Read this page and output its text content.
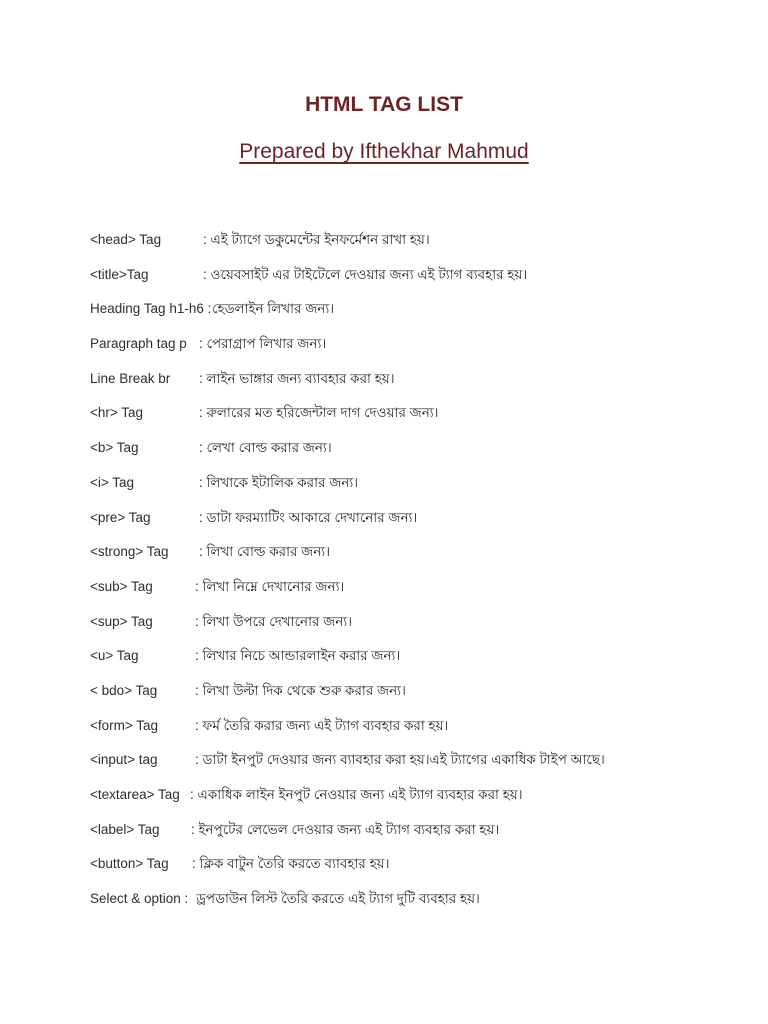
HTML TAG LIST
Prepared by Ifthekhar Mahmud
<head> Tag	: এই ট্যাগে ডকুমেন্টের ইনফর্মেশন রাখা হয়।
<title>Tag	: ওয়েবসাইট এর টাইটেলে দেওয়ার জন্য এই ট্যাগ ব্যবহার হয়।
Heading Tag h1-h6 : হেডলাইন লিখার জন্য।
Paragraph tag p : পেরাগ্রাপ লিখার জন্য।
Line Break br : লাইন ভাঙ্গার জন্য ব্যাবহার করা হয়।
<hr> Tag	: রুলারের মত হরিজেন্টাল দাগ দেওয়ার জন্য।
<b> Tag	: লেখা বোল্ড করার জন্য।
<i> Tag	: লিখাকে ইটালিক করার জন্য।
<pre> Tag	: ডাটা ফরম্যাটিং আকারে দেখানোর জন্য।
<strong> Tag : লিখা বোল্ড করার জন্য।
<sub> Tag	: লিখা নিম্নে দেখানোর জন্য।
<sup> Tag	: লিখা উপরে দেখানোর জন্য।
<u> Tag	: লিখার নিচে আন্ডারলাইন করার জন্য।
< bdo> Tag	: লিখা উল্টা দিক থেকে শুরু করার জন্য।
<form> Tag	: ফর্ম তৈরি করার জন্য এই ট্যাগ ব্যবহার করা হয়।
<input> tag	: ডাটা ইনপুট দেওয়ার জন্য ব্যাবহার করা হয়।এই ট্যাগের একাধিক টাইপ আছে।
<textarea> Tag : একাধিক লাইন ইনপুট নেওয়ার জন্য এই ট্যাগ ব্যবহার করা হয়।
<label> Tag : ইনপুটের লেভেল দেওয়ার জন্য এই ট্যাগ ব্যবহার করা হয়।
<button> Tag : ক্লিক বাটুন তৈরি করতে ব্যাবহার হয়।
Select & option : ড্রপডাউন লিস্ট তৈরি করতে এই ট্যাগ দুটি ব্যবহার হয়।
